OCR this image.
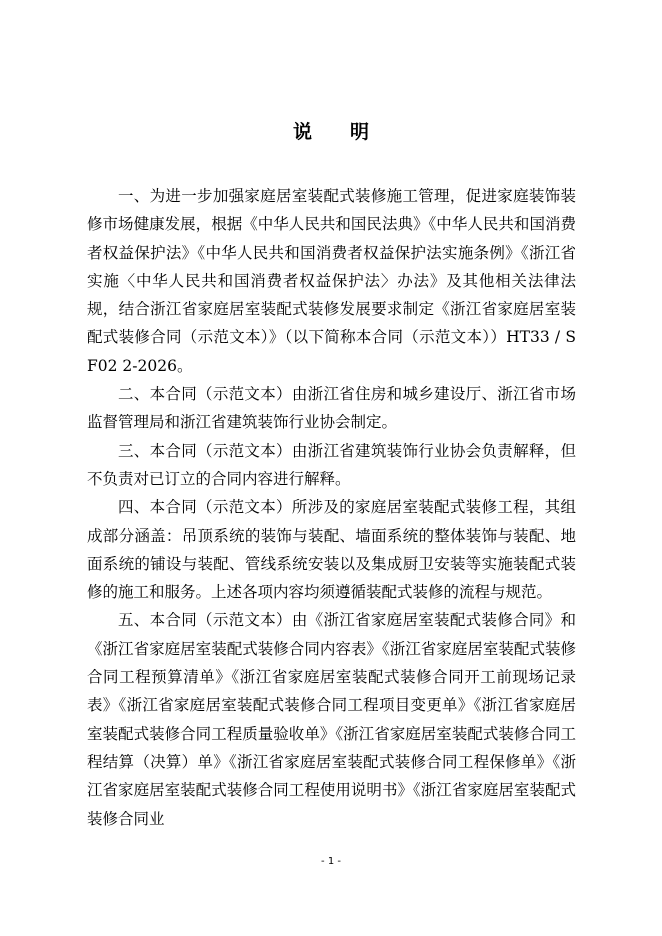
说明

一、为进一步加强家庭居室装配式装修施工管理，促进家庭装饰装修市场健康发展，根据《中华人民共和国民法典》《中华人民共和国消费者权益保护法》《中华人民共和国消费者权益保护法实施条例》《浙江省实施〈中华人民共和国消费者权益保护法〉办法》及其他相关法律法规，结合浙江省家庭居室装配式装修发展要求制定《浙江省家庭居室装配式装修合同（示范文本）》（以下简称本合同（示范文本））HT33 / SF02 2-2026。

二、本合同（示范文本）由浙江省住房和城乡建设厅、浙江省市场监督管理局和浙江省建筑装饰行业协会制定。

三、本合同（示范文本）由浙江省建筑装饰行业协会负责解释，但不负责对已订立的合同内容进行解释。

四、本合同（示范文本）所涉及的家庭居室装配式装修工程，其组成部分涵盖：吊顶系统的装饰与装配、墙面系统的整体装饰与装配、地面系统的铺设与装配、管线系统安装以及集成厨卫安装等实施装配式装修的施工和服务。上述各项内容均须遵循装配式装修的流程与规范。

五、本合同（示范文本）由《浙江省家庭居室装配式装修合同》和《浙江省家庭居室装配式装修合同内容表》《浙江省家庭居室装配式装修合同工程预算清单》《浙江省家庭居室装配式装修合同开工前现场记录表》《浙江省家庭居室装配式装修合同工程项目变更单》《浙江省家庭居室装配式装修合同工程质量验收单》《浙江省家庭居室装配式装修合同工程结算（决算）单》《浙江省家庭居室装配式装修合同工程保修单》《浙江省家庭居室装配式装修合同工程使用说明书》《浙江省家庭居室装配式装修合同业

- 1 -
